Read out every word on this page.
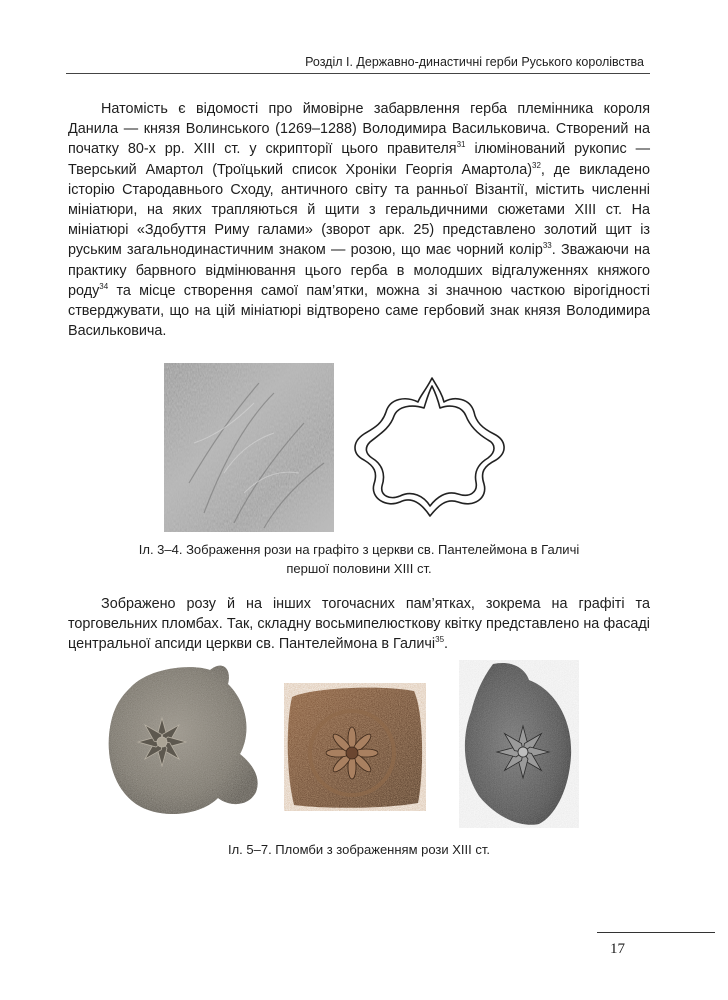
Розділ І. Державно-династичні герби Руського королівства
Натомість є відомості про ймовірне забарвлення герба племінника короля Данила — князя Волинського (1269–1288) Володимира Васильковича. Створений на початку 80-х рр. XIII ст. у скрипторії цього правителя$^{31}$ ілюмінований рукопис — Тверський Амартол (Троїцький список Хроніки Георгія Амартола)$^{32}$, де викладено історію Стародавнього Сходу, античного світу та ранньої Візантії, містить численні мініатюри, на яких трапляються й щити з геральдичними сюжетами XIII ст. На мініатюрі «Здобуття Риму галами» (зворот арк. 25) представлено золотий щит із руським загальнодинастичним знаком — розою, що має чорний колір$^{33}$. Зважаючи на практику барвного відмінювання цього герба в молодших відгалуженнях княжого роду$^{34}$ та місце створення самої пам’ятки, можна зі значною часткою вірогідності стверджувати, що на цій мініатюрі відтворено саме гербовий знак князя Володимира Васильковича.
Іл. 3–4. Зображення рози на графіто з церкви св. Пантелеймона в Галичі
першої половини XIII ст.
Зображено розу й на інших тогочасних пам’ятках, зокрема на графіті та торговельних пломбах. Так, складну восьмипелюсткову квітку представлено на фасаді центральної апсиди церкви св. Пантелеймона в Галичі$^{35}$.
Іл. 5–7. Пломби з зображенням рози XIII ст.
17
